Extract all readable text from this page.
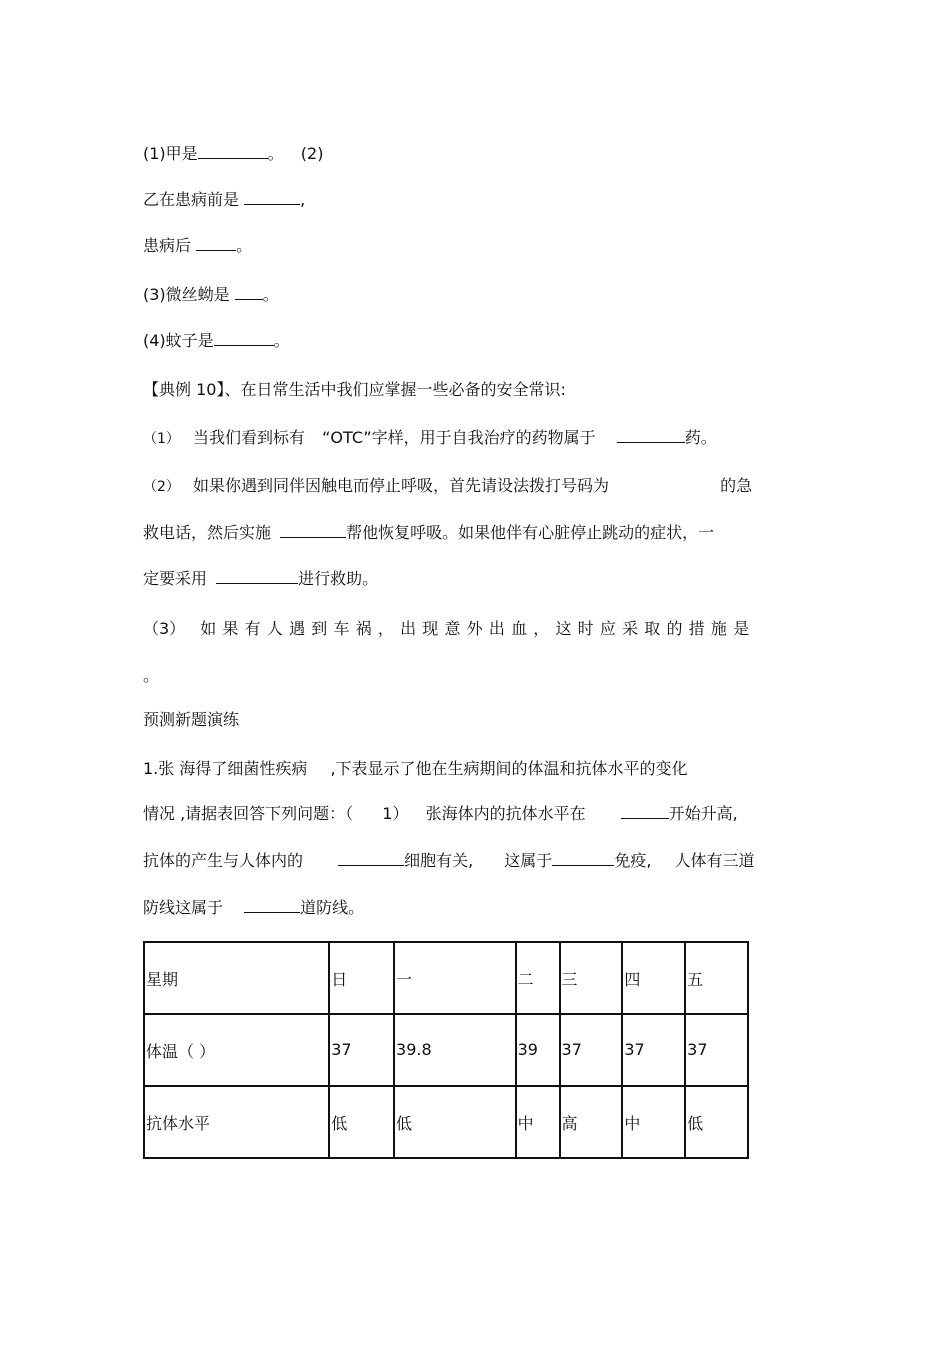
(1)甲是	。 (2)
乙在患病前是	,
患病后	。
(3)微丝蚴是 。
(4)蚊子是	。
【典例 10】、在日常生活中我们应掌握一些必备的安全常识:
（1） 当我们看到标有 “OTC”字样，用于自我治疗的药物属于	药。
（2） 如果你遇到同伴因触电而停止呼吸，首先请设法拨打号码为	的急
救电话，然后实施	帮他恢复呼吸。如果他伴有心脏停止跳动的症状，一
定要采用	进行救助。
（3） 如果有人遇到车祸，出现意外出血，这时应采取的措施是
。
预测新题演练
1.张 海得了细菌性疾病 ,下表显示了他在生病期间的体温和抗体水平的变化
情况 ,请据表回答下列问题：（ 1） 张海体内的抗体水平在	开始升高,
抗体的产生与人体内的	细胞有关, 这属于	免疫, 人体有三道
防线这属于	道防线。
星期	日	一	二	三	四	五
体温（ ）	37	39.8	39	37	37	37
抗体水平	低	低	中	高	中	低
